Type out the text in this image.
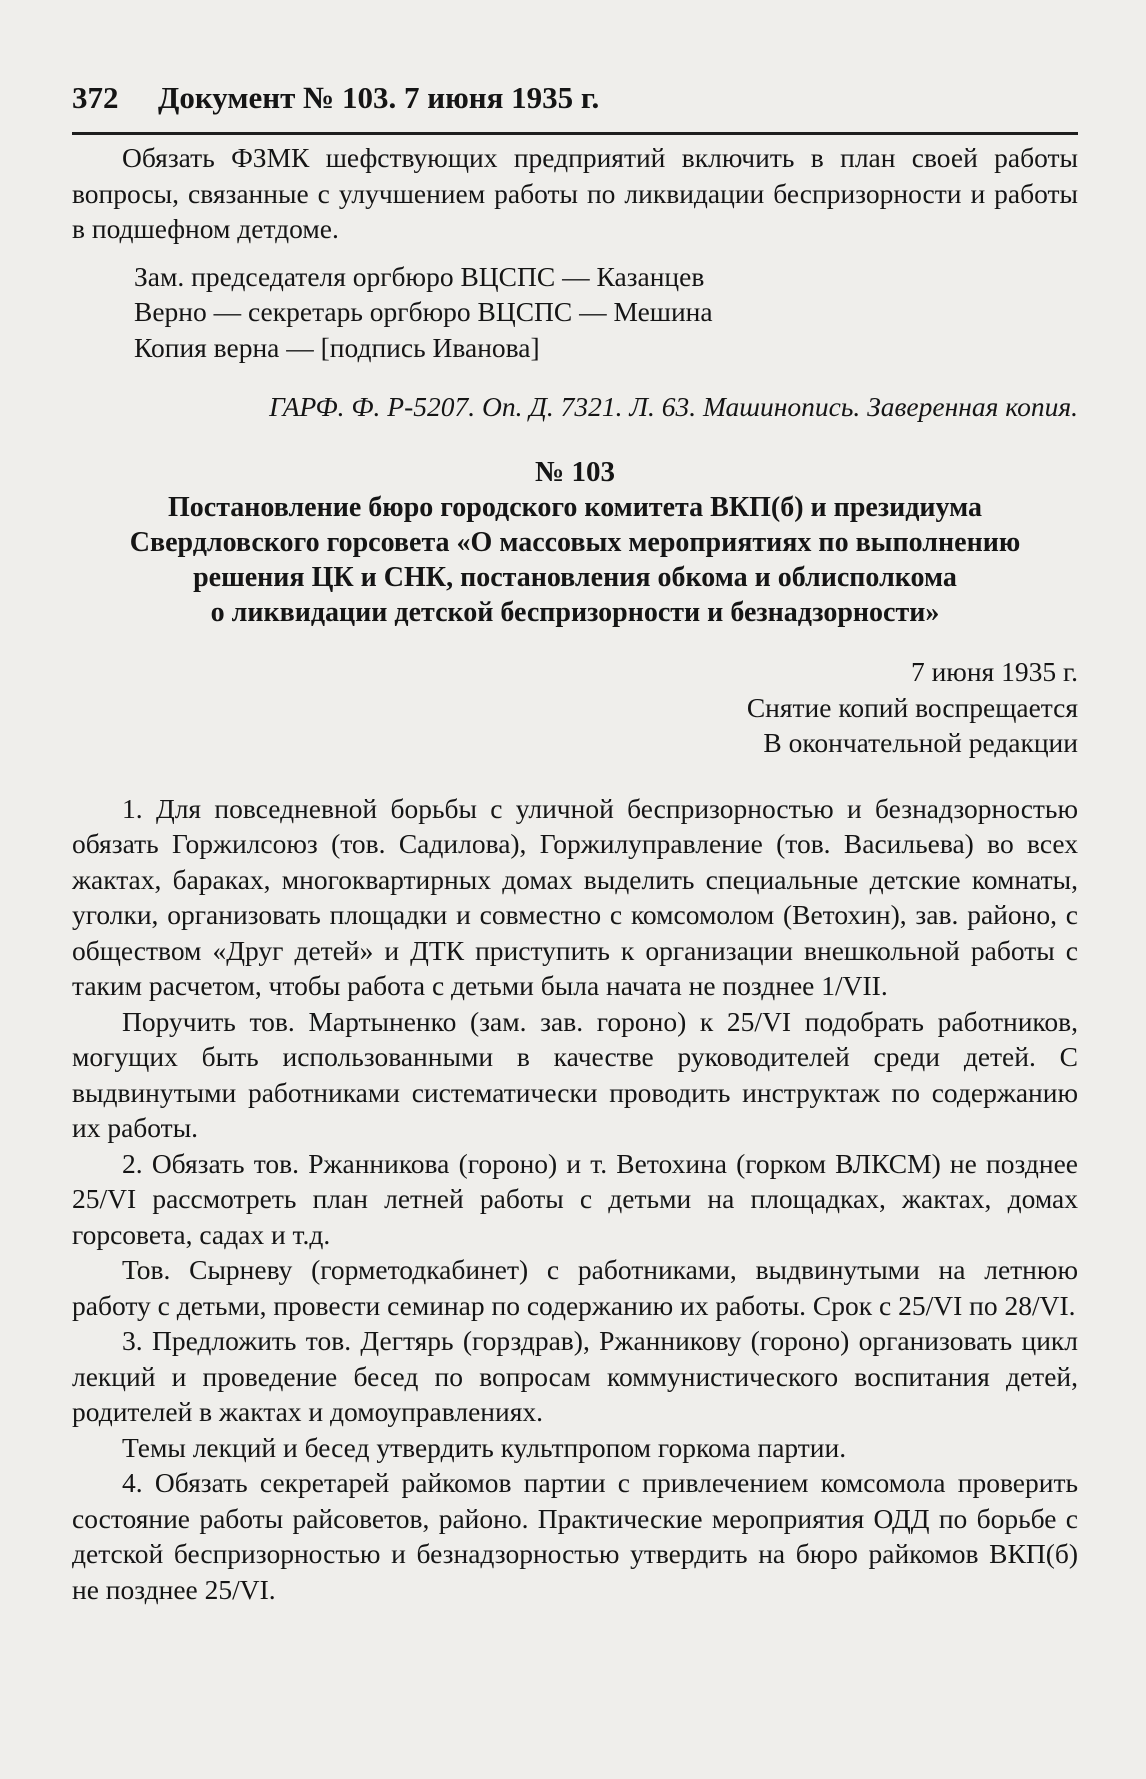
372 Документ № 103. 7 июня 1935 г.

Обязать ФЗМК шефствующих предприятий включить в план своей работы вопросы, связанные с улучшением работы по ликвидации беспризорности и работы в подшефном детдоме.

Зам. председателя оргбюро ВЦСПС — Казанцев

Верно — секретарь оргбюро ВЦСПС — Мешина

Копия верна — [подпись Иванова]

ГАРФ. Ф. Р-5207. Оп. Д. 7321. Л. 63. Машинопись. Заверенная копия.

№ 103

Постановление бюро городского комитета ВКП(б) и президиума

Свердловского горсовета «О массовых мероприятиях по выполнению

решения ЦК и СНК, постановления обкома и облисполкома

о ликвидации детской беспризорности и безнадзорности»

7 июня 1935 г.

Снятие копий воспрещается

В окончательной редакции

1. Для повседневной борьбы с уличной беспризорностью и безнадзорностью обязать Горжилсоюз (тов. Садилова), Горжилуправление (тов. Васильева) во всех жактах, бараках, многоквартирных домах выделить специальные детские комнаты, уголки, организовать площадки и совместно с комсомолом (Ветохин), зав. районо, с обществом «Друг детей» и ДТК приступить к организации внешкольной работы с таким расчетом, чтобы работа с детьми была начата не позднее 1/VII.

Поручить тов. Мартыненко (зам. зав. гороно) к 25/VI подобрать работников, могущих быть использованными в качестве руководителей среди детей. С выдвинутыми работниками систематически проводить инструктаж по содержанию их работы.

2. Обязать тов. Ржанникова (гороно) и т. Ветохина (горком ВЛКСМ) не позднее 25/VI рассмотреть план летней работы с детьми на площадках, жактах, домах горсовета, садах и т.д.

Тов. Сырневу (горметодкабинет) с работниками, выдвинутыми на летнюю работу с детьми, провести семинар по содержанию их работы. Срок с 25/VI по 28/VI.

3. Предложить тов. Дегтярь (горздрав), Ржанникову (гороно) организовать цикл лекций и проведение бесед по вопросам коммунистического воспитания детей, родителей в жактах и домоуправлениях.

Темы лекций и бесед утвердить культпропом горкома партии.

4. Обязать секретарей райкомов партии с привлечением комсомола проверить состояние работы райсоветов, районо. Практические мероприятия ОДД по борьбе с детской беспризорностью и безнадзорностью утвердить на бюро райкомов ВКП(б) не позднее 25/VI.
